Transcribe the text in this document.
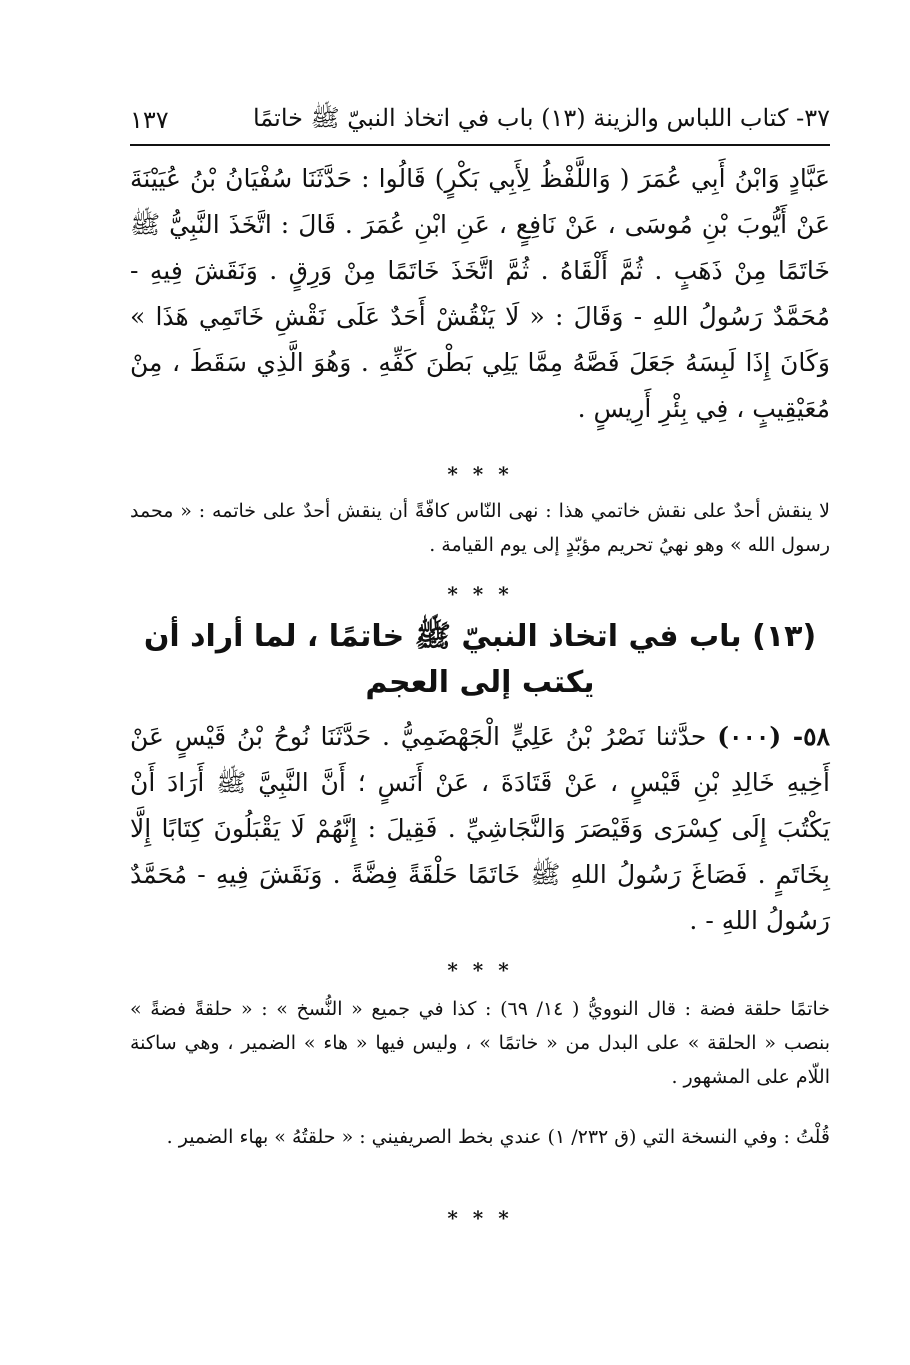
٣٧- كتاب اللباس والزينة (١٣) باب في اتخاذ النبيّ ﷺ خاتمًا
١٣٧
عَبَّادٍ وَابْنُ أَبِي عُمَرَ ( وَاللَّفْظُ لِأَبِي بَكْرٍ) قَالُوا : حَدَّثَنَا سُفْيَانُ بْنُ عُيَيْنَةَ عَنْ أَيُّوبَ بْنِ مُوسَى ، عَنْ نَافِعٍ ، عَنِ ابْنِ عُمَرَ . قَالَ : اتَّخَذَ النَّبِيُّ ﷺ خَاتَمًا مِنْ ذَهَبٍ . ثُمَّ أَلْقَاهُ . ثُمَّ اتَّخَذَ خَاتَمًا مِنْ وَرِقٍ . وَنَقَشَ فِيهِ - مُحَمَّدٌ رَسُولُ اللهِ - وَقَالَ : « لَا يَنْقُشْ أَحَدٌ عَلَى نَقْشِ خَاتَمِي هَذَا » وَكَانَ إِذَا لَبِسَهُ جَعَلَ فَصَّهُ مِمَّا يَلِي بَطْنَ كَفِّهِ . وَهُوَ الَّذِي سَقَطَ ، مِنْ مُعَيْقِيبٍ ، فِي بِئْرِ أَرِيسٍ .
* * *
لا ينقش أحدٌ على نقش خاتمي هذا : نهى النّاس كافّةً أن ينقش أحدٌ على خاتمه : « محمد رسول الله » وهو نهيُ تحريم مؤبّدٍ إلى يوم القيامة .
* * *
(١٣) باب في اتخاذ النبيّ ﷺ خاتمًا ، لما أراد أن يكتب إلى العجم
٥٨- (٠٠٠) حدَّثنا نَصْرُ بْنُ عَلِيٍّ الْجَهْضَمِيُّ . حَدَّثَنَا نُوحُ بْنُ قَيْسٍ عَنْ أَخِيهِ خَالِدِ بْنِ قَيْسٍ ، عَنْ قَتَادَةَ ، عَنْ أَنَسٍ ؛ أَنَّ النَّبِيَّ ﷺ أَرَادَ أَنْ يَكْتُبَ إِلَى كِسْرَى وَقَيْصَرَ وَالنَّجَاشِيِّ . فَقِيلَ : إِنَّهُمْ لَا يَقْبَلُونَ كِتَابًا إِلَّا بِخَاتَمٍ . فَصَاغَ رَسُولُ اللهِ ﷺ خَاتَمًا حَلْقَةً فِضَّةً . وَنَقَشَ فِيهِ - مُحَمَّدٌ رَسُولُ اللهِ - .
* * *
خاتمًا حلقة فضة : قال النوويُّ ( ١٤/ ٦٩) : كذا في جميع « النُّسخ » : « حلقةً فضةً » بنصب « الحلقة » على البدل من « خاتمًا » ، وليس فيها « هاء » الضمير ، وهي ساكنة اللّام على المشهور .
قُلْتُ : وفي النسخة التي (ق ٢٣٢/ ١) عندي بخط الصريفيني : « حلقتُهُ » بهاء الضمير .
* * *
